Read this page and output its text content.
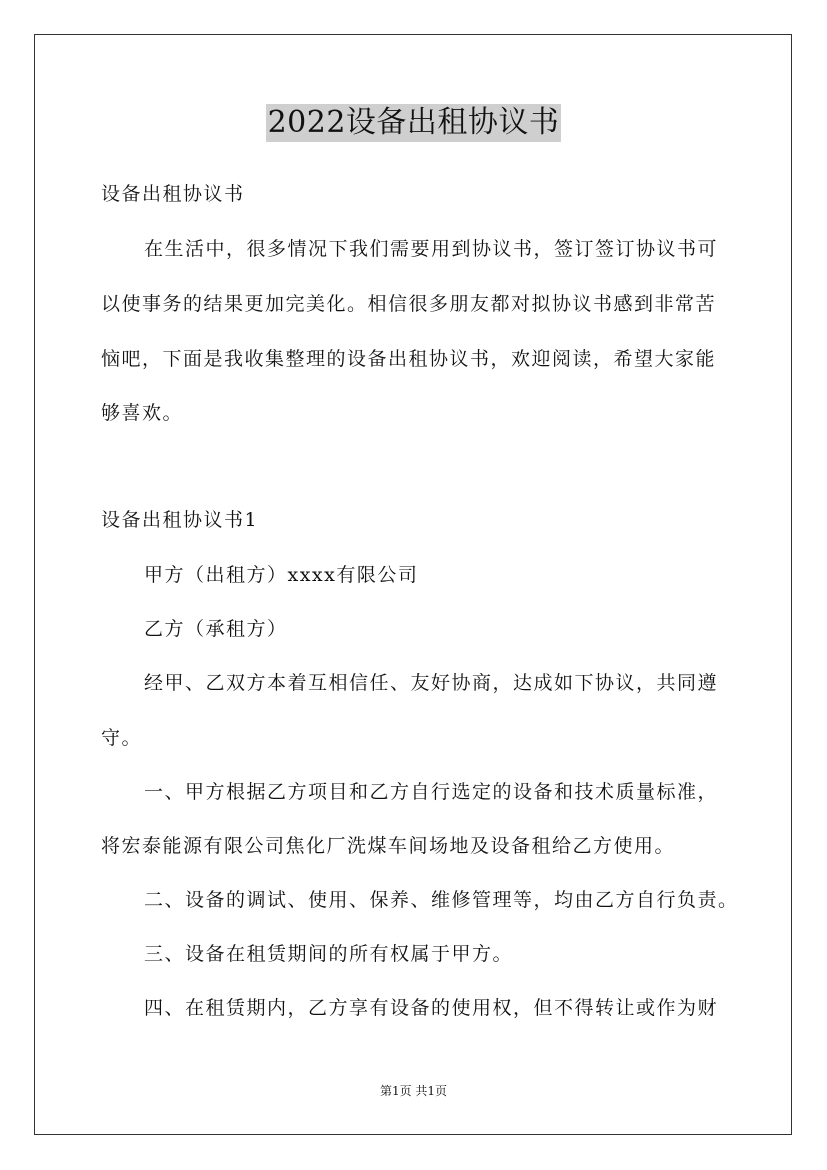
2022设备出租协议书
设备出租协议书
在生活中，很多情况下我们需要用到协议书，签订签订协议书可
以使事务的结果更加完美化。相信很多朋友都对拟协议书感到非常苦
恼吧，下面是我收集整理的设备出租协议书，欢迎阅读，希望大家能
够喜欢。
设备出租协议书1
甲方（出租方）xxxx有限公司
乙方（承租方）
经甲、乙双方本着互相信任、友好协商，达成如下协议，共同遵
守。
一、甲方根据乙方项目和乙方自行选定的设备和技术质量标准，
将宏泰能源有限公司焦化厂洗煤车间场地及设备租给乙方使用。
二、设备的调试、使用、保养、维修管理等，均由乙方自行负责。
三、设备在租赁期间的所有权属于甲方。
四、在租赁期内，乙方享有设备的使用权，但不得转让或作为财
第1页 共1页
